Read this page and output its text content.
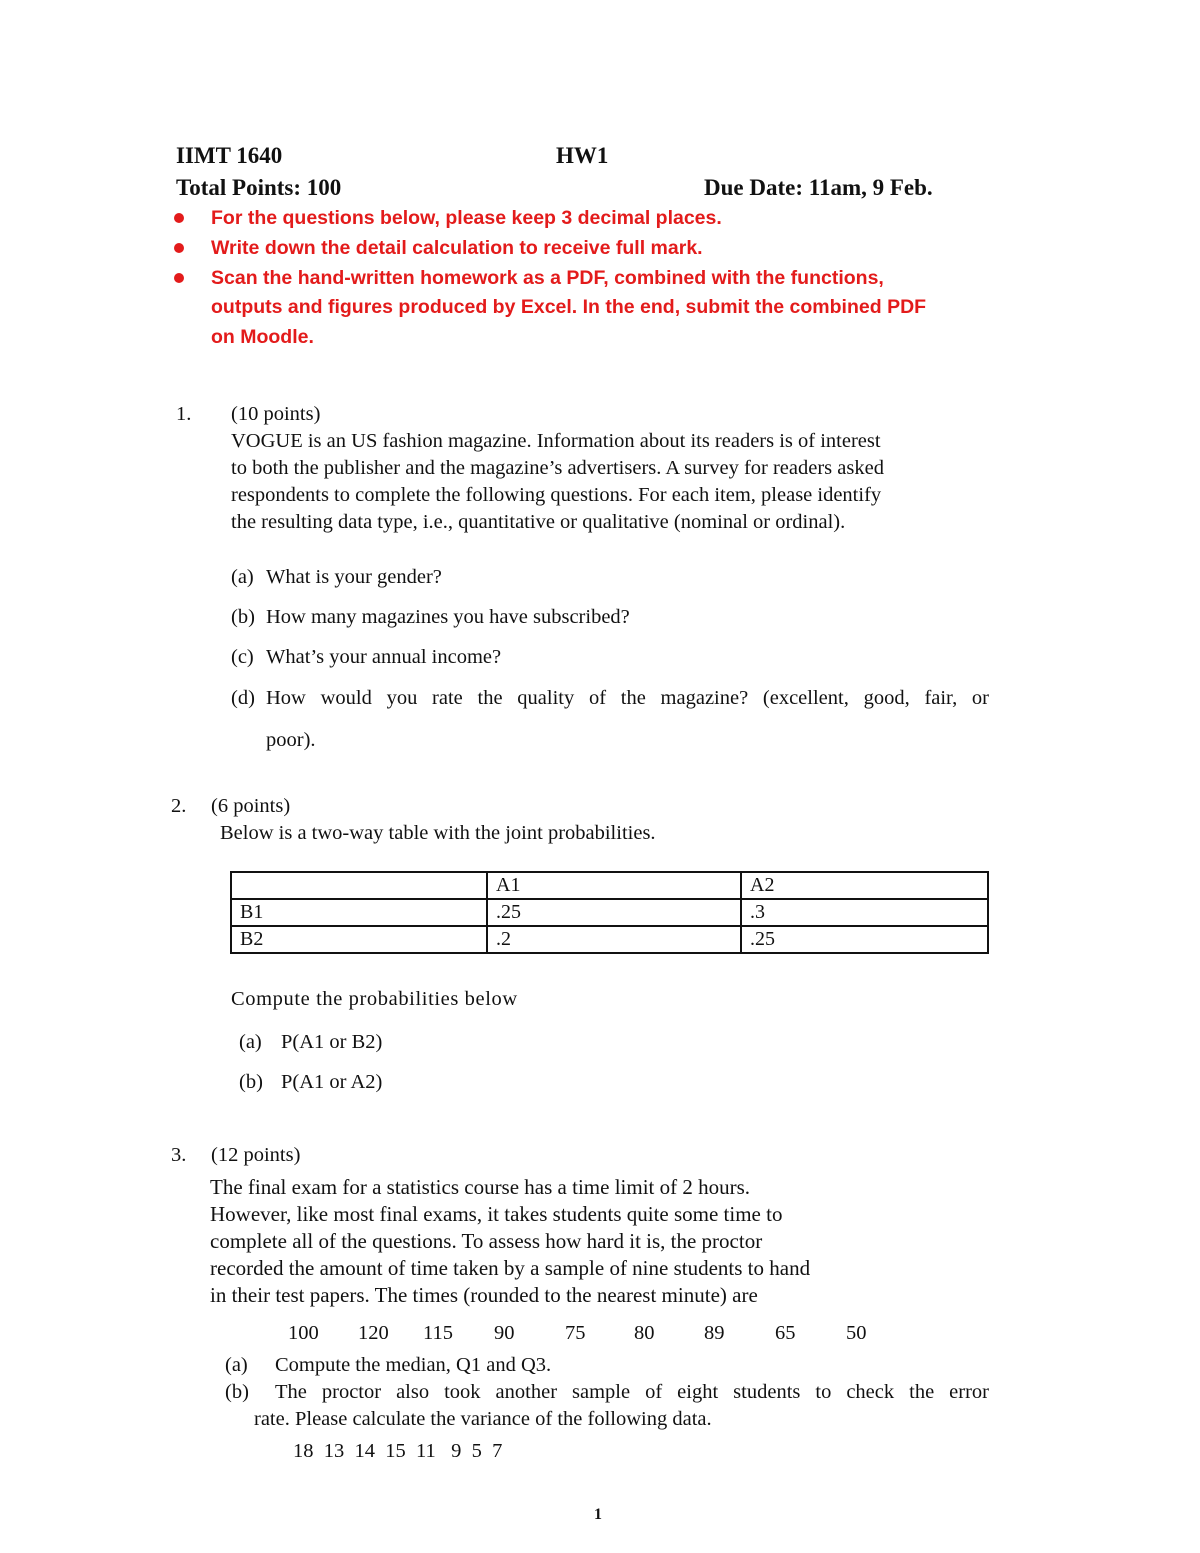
IIMT 1640	HW1
Total Points: 100	Due Date: 11am, 9 Feb.
For the questions below, please keep 3 decimal places.
Write down the detail calculation to receive full mark.
Scan the hand-written homework as a PDF, combined with the functions,
outputs and figures produced by Excel. In the end, submit the combined PDF
on Moodle.
1. (10 points)
VOGUE is an US fashion magazine. Information about its readers is of interest
to both the publisher and the magazine’s advertisers. A survey for readers asked
respondents to complete the following questions. For each item, please identify
the resulting data type, i.e., quantitative or qualitative (nominal or ordinal).
(a) What is your gender?
(b) How many magazines you have subscribed?
(c) What’s your annual income?
(d) How would you rate the quality of the magazine? (excellent, good, fair, or
poor).
2. (6 points)
Below is a two-way table with the joint probabilities.
	A1	A2
B1	.25	.3
B2	.2	.25
Compute the probabilities below
(a) P(A1 or B2)
(b) P(A1 or A2)
3. (12 points)
The final exam for a statistics course has a time limit of 2 hours.
However, like most final exams, it takes students quite some time to
complete all of the questions. To assess how hard it is, the proctor
recorded the amount of time taken by a sample of nine students to hand
in their test papers. The times (rounded to the nearest minute) are
100 120 115 90 75 80 89 65 50
(a) Compute the median, Q1 and Q3.
(b) The proctor also took another sample of eight students to check the error
rate. Please calculate the variance of the following data.
18  13  14  15  11   9  5  7
1
